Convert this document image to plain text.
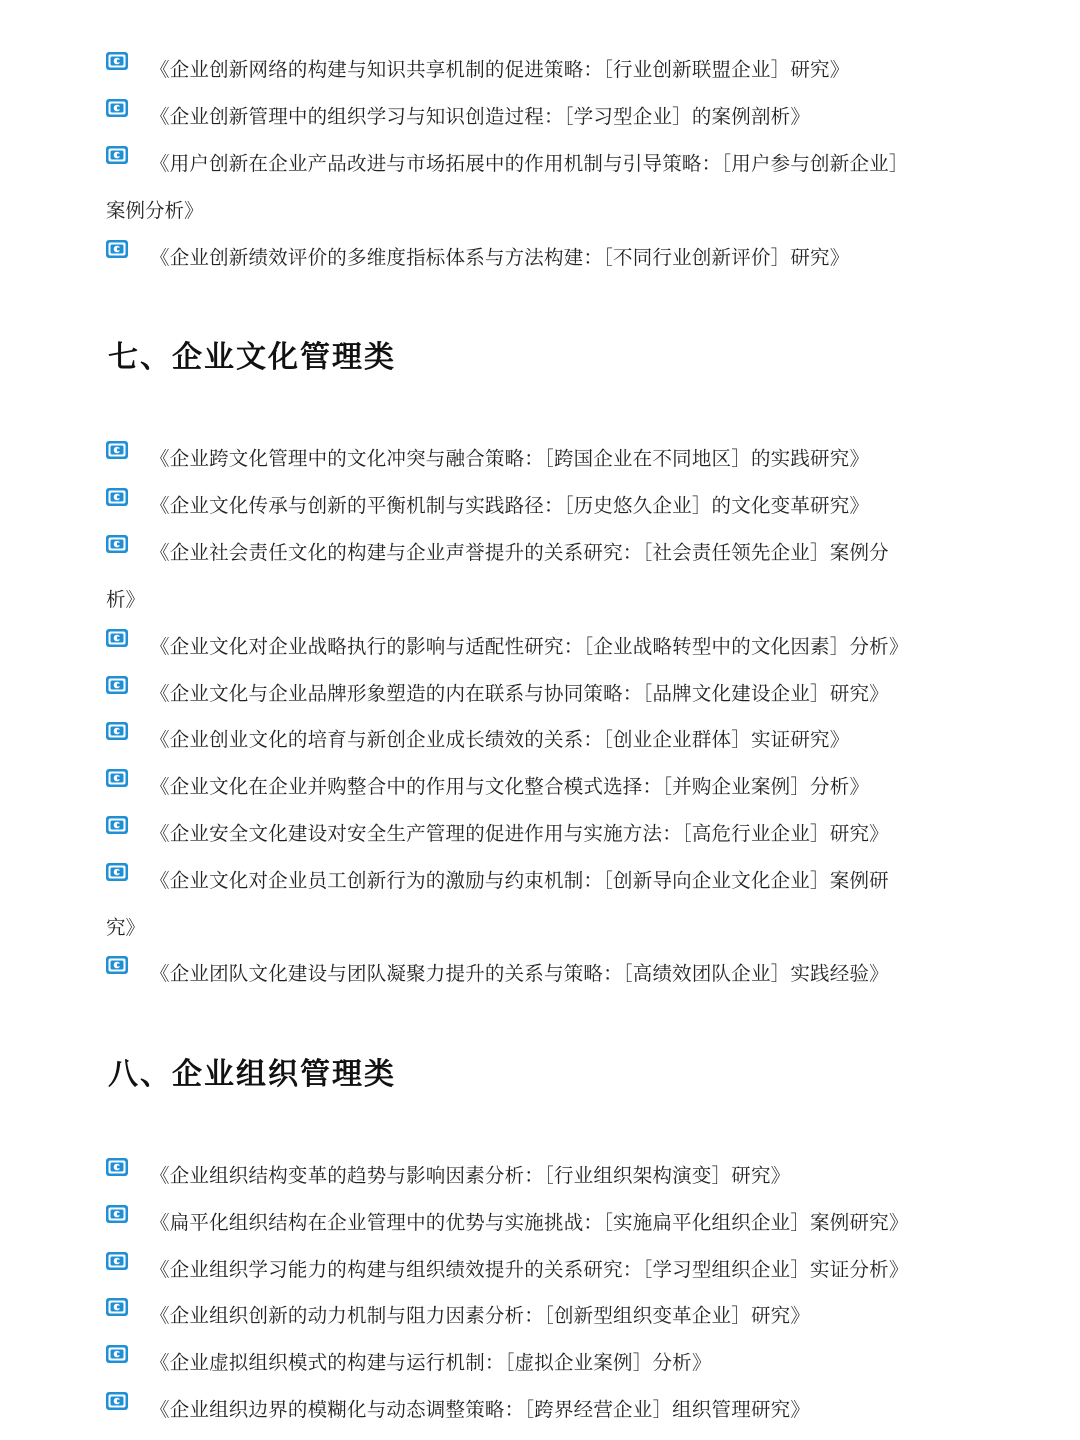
《企业创新网络的构建与知识共享机制的促进策略：［行业创新联盟企业］研究》
《企业创新管理中的组织学习与知识创造过程：［学习型企业］的案例剖析》
《用户创新在企业产品改进与市场拓展中的作用机制与引导策略：［用户参与创新企业］
案例分析》
《企业创新绩效评价的多维度指标体系与方法构建：［不同行业创新评价］研究》
七、企业文化管理类
《企业跨文化管理中的文化冲突与融合策略：［跨国企业在不同地区］的实践研究》
《企业文化传承与创新的平衡机制与实践路径：［历史悠久企业］的文化变革研究》
《企业社会责任文化的构建与企业声誉提升的关系研究：［社会责任领先企业］案例分
析》
《企业文化对企业战略执行的影响与适配性研究：［企业战略转型中的文化因素］分析》
《企业文化与企业品牌形象塑造的内在联系与协同策略：［品牌文化建设企业］研究》
《企业创业文化的培育与新创企业成长绩效的关系：［创业企业群体］实证研究》
《企业文化在企业并购整合中的作用与文化整合模式选择：［并购企业案例］分析》
《企业安全文化建设对安全生产管理的促进作用与实施方法：［高危行业企业］研究》
《企业文化对企业员工创新行为的激励与约束机制：［创新导向企业文化企业］案例研
究》
《企业团队文化建设与团队凝聚力提升的关系与策略：［高绩效团队企业］实践经验》
八、企业组织管理类
《企业组织结构变革的趋势与影响因素分析：［行业组织架构演变］研究》
《扁平化组织结构在企业管理中的优势与实施挑战：［实施扁平化组织企业］案例研究》
《企业组织学习能力的构建与组织绩效提升的关系研究：［学习型组织企业］实证分析》
《企业组织创新的动力机制与阻力因素分析：［创新型组织变革企业］研究》
《企业虚拟组织模式的构建与运行机制：［虚拟企业案例］分析》
《企业组织边界的模糊化与动态调整策略：［跨界经营企业］组织管理研究》
